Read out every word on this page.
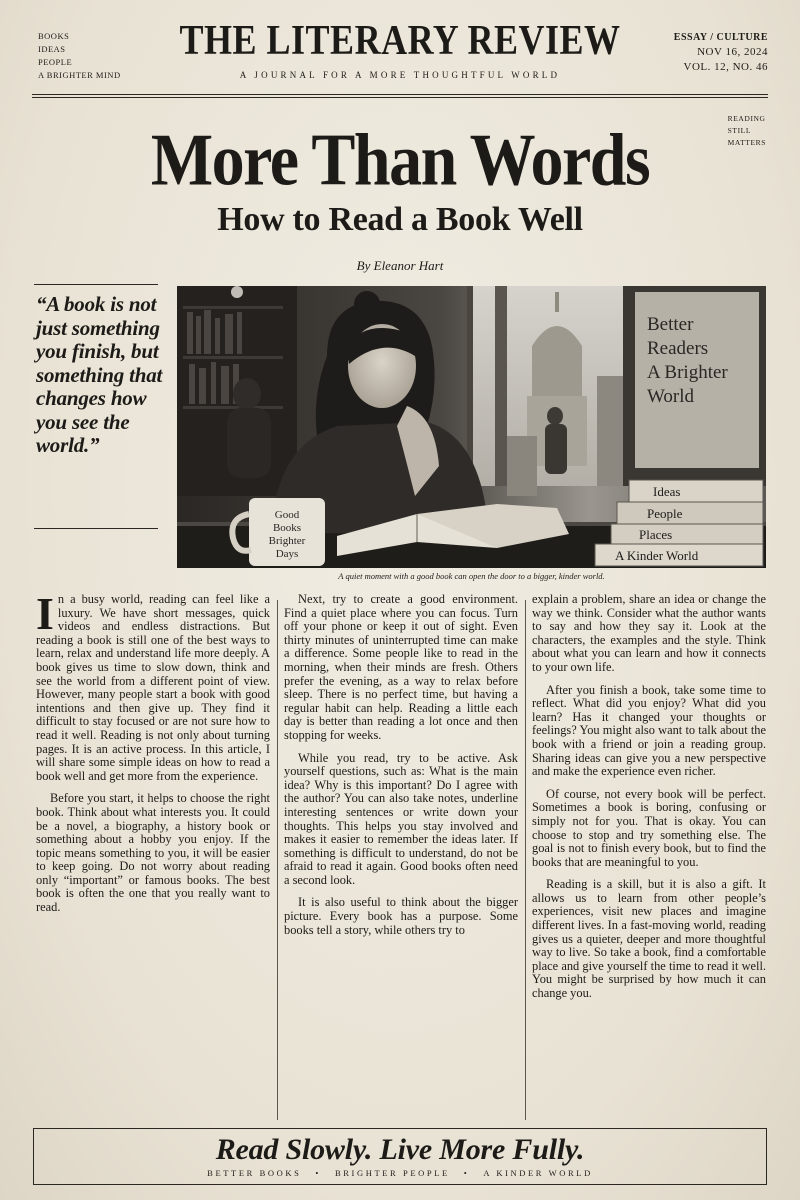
BOOKS
IDEAS
PEOPLE
A BRIGHTER MIND
THE LITERARY REVIEW
A JOURNAL FOR A MORE THOUGHTFUL WORLD
ESSAY / CULTURE
NOV 16, 2024
VOL. 12, NO. 46
READING
STILL
MATTERS
More Than Words
How to Read a Book Well
By Eleanor Hart
“A book is not just something you finish, but something that changes how you see the world.”
Better
Readers
A Brighter
World
Good
Books
Brighter
Days
Ideas
People
Places
A Kinder World
A quiet moment with a good book can open the door to a bigger, kinder world.

In a busy world, reading can feel like a luxury. We have short messages, quick videos and endless distractions. But reading a book is still one of the best ways to learn, relax and understand life more deeply. A book gives us time to slow down, think and see the world from a different point of view. However, many people start a book with good intentions and then give up. They find it difficult to stay focused or are not sure how to read it well. Reading is not only about turning pages. It is an active process. In this article, I will share some simple ideas on how to read a book well and get more from the experience.

Before you start, it helps to choose the right book. Think about what interests you. It could be a novel, a biography, a history book or something about a hobby you enjoy. If the topic means something to you, it will be easier to keep going. Do not worry about reading only “important” or famous books. The best book is often the one that you really want to read.

Next, try to create a good environment. Find a quiet place where you can focus. Turn off your phone or keep it out of sight. Even thirty minutes of uninterrupted time can make a difference. Some people like to read in the morning, when their minds are fresh. Others prefer the evening, as a way to relax before sleep. There is no perfect time, but having a regular habit can help. Reading a little each day is better than reading a lot once and then stopping for weeks.

While you read, try to be active. Ask yourself questions, such as: What is the main idea? Why is this important? Do I agree with the author? You can also take notes, underline interesting sentences or write down your thoughts. This helps you stay involved and makes it easier to remember the ideas later. If something is difficult to understand, do not be afraid to read it again. Good books often need a second look.

It is also useful to think about the bigger picture. Every book has a purpose. Some books tell a story, while others try to

explain a problem, share an idea or change the way we think. Consider what the author wants to say and how they say it. Look at the characters, the examples and the style. Think about what you can learn and how it connects to your own life.

After you finish a book, take some time to reflect. What did you enjoy? What did you learn? Has it changed your thoughts or feelings? You might also want to talk about the book with a friend or join a reading group. Sharing ideas can give you a new perspective and make the experience even richer.

Of course, not every book will be perfect. Sometimes a book is boring, confusing or simply not for you. That is okay. You can choose to stop and try something else. The goal is not to finish every book, but to find the books that are meaningful to you.

Reading is a skill, but it is also a gift. It allows us to learn from other people’s experiences, visit new places and imagine different lives. In a fast-moving world, reading gives us a quieter, deeper and more thoughtful way to live. So take a book, find a comfortable place and give yourself the time to read it well. You might be surprised by how much it can change you.

Read Slowly. Live More Fully.
BETTER BOOKS • BRIGHTER PEOPLE • A KINDER WORLD
